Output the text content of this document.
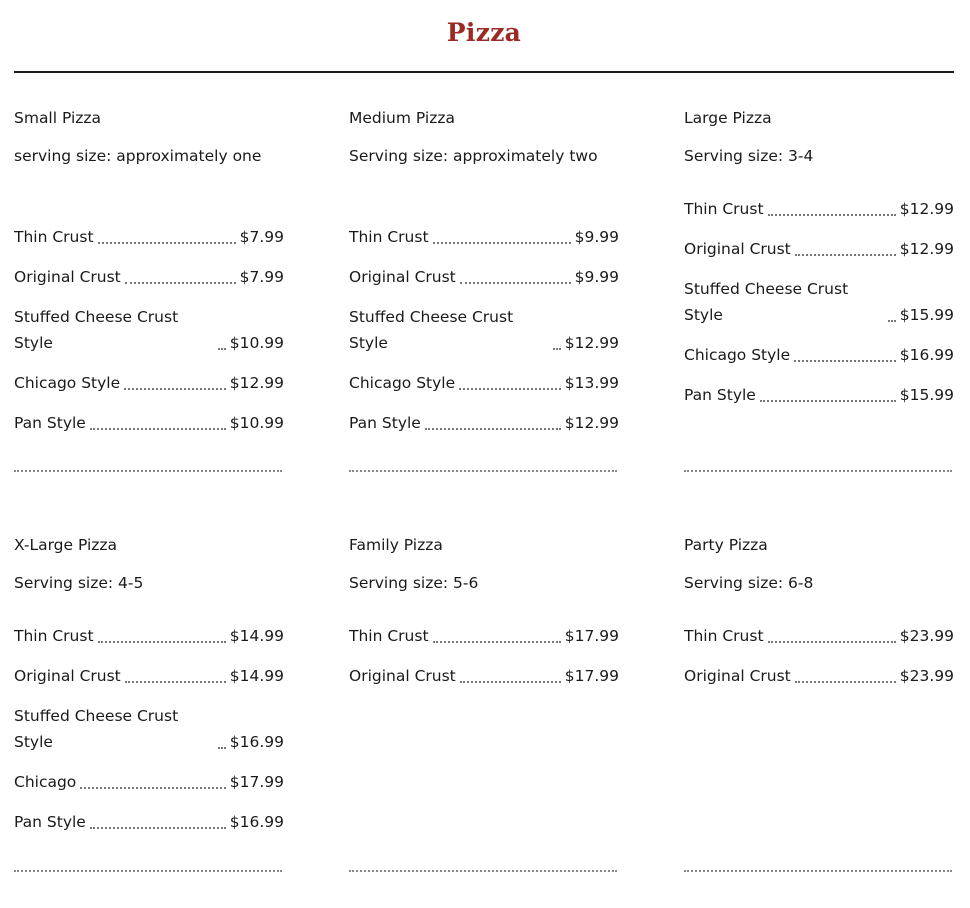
Pizza
Small Pizza
serving size: approximately one
Thin Crust	$7.99
Original Crust	$7.99
Stuffed Cheese Crust Style	$10.99
Chicago Style	$12.99
Pan Style	$10.99
Medium Pizza
Serving size: approximately two
Thin Crust	$9.99
Original Crust	$9.99
Stuffed Cheese Crust Style	$12.99
Chicago Style	$13.99
Pan Style	$12.99
Large Pizza
Serving size: 3-4
Thin Crust	$12.99
Original Crust	$12.99
Stuffed Cheese Crust Style	$15.99
Chicago Style	$16.99
Pan Style	$15.99
X-Large Pizza
Serving size: 4-5
Thin Crust	$14.99
Original Crust	$14.99
Stuffed Cheese Crust Style	$16.99
Chicago	$17.99
Pan Style	$16.99
Family Pizza
Serving size: 5-6
Thin Crust	$17.99
Original Crust	$17.99
Party Pizza
Serving size: 6-8
Thin Crust	$23.99
Original Crust	$23.99
